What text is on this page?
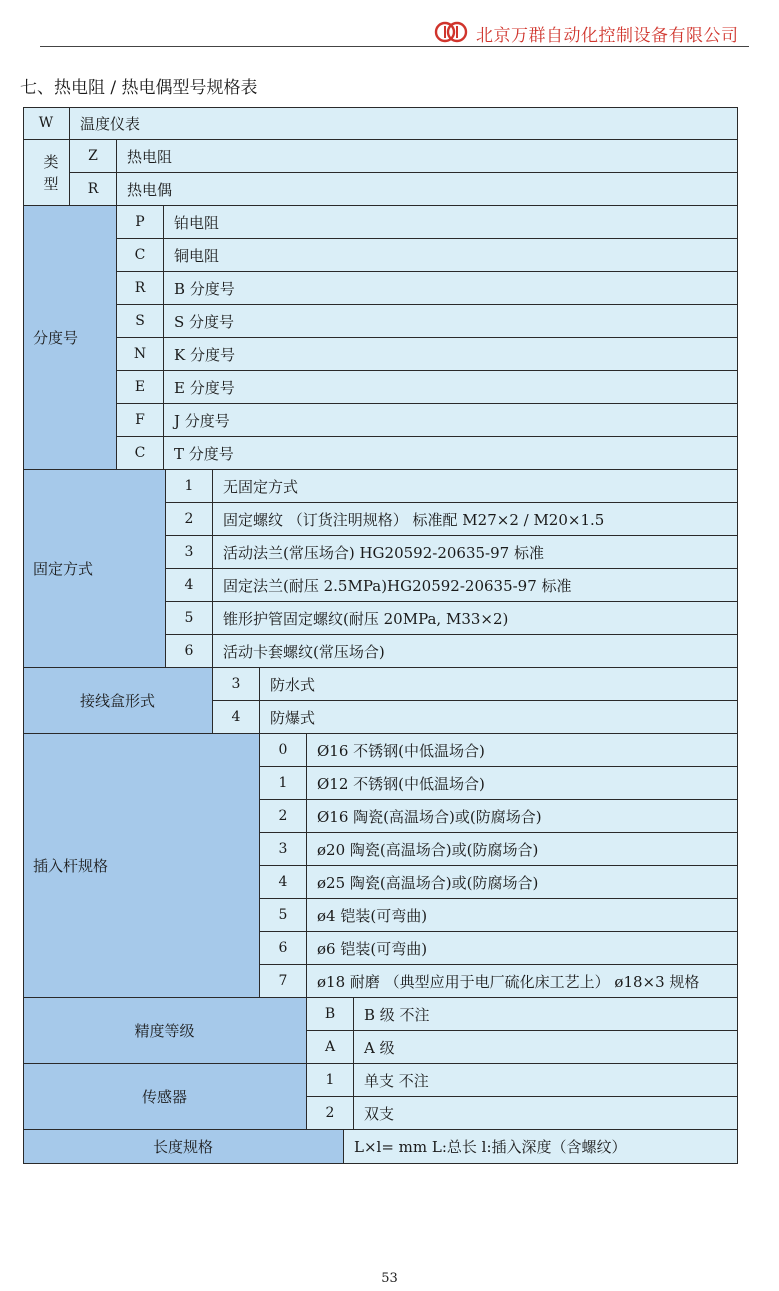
北京万群自动化控制设备有限公司
七、热电阻 / 热电偶型号规格表
W	温度仪表
类
型
Z	热电阻
R	热电偶
分度号
P	铂电阻
C	铜电阻
R	B 分度号
S	S 分度号
N	K 分度号
E	E 分度号
F	J 分度号
C	T 分度号
固定方式
1	无固定方式
2	固定螺纹 （订货注明规格） 标准配 M27×2 / M20×1.5
3	活动法兰(常压场合) HG20592-20635-97 标准
4	固定法兰(耐压 2.5MPa)HG20592-20635-97 标准
5	锥形护管固定螺纹(耐压 20MPa, M33×2)
6	活动卡套螺纹(常压场合)
接线盒形式
3	防水式
4	防爆式
插入杆规格
0	Ø16 不锈钢(中低温场合)
1	Ø12 不锈钢(中低温场合)
2	Ø16 陶瓷(高温场合)或(防腐场合)
3	ø20 陶瓷(高温场合)或(防腐场合)
4	ø25 陶瓷(高温场合)或(防腐场合)
5	ø4 铠装(可弯曲)
6	ø6 铠装(可弯曲)
7	ø18 耐磨 （典型应用于电厂硫化床工艺上） ø18×3 规格
精度等级
B	B 级 不注
A	A 级
传感器
1	单支 不注
2	双支
长度规格	L×l= mm L:总长 l:插入深度（含螺纹）
53
